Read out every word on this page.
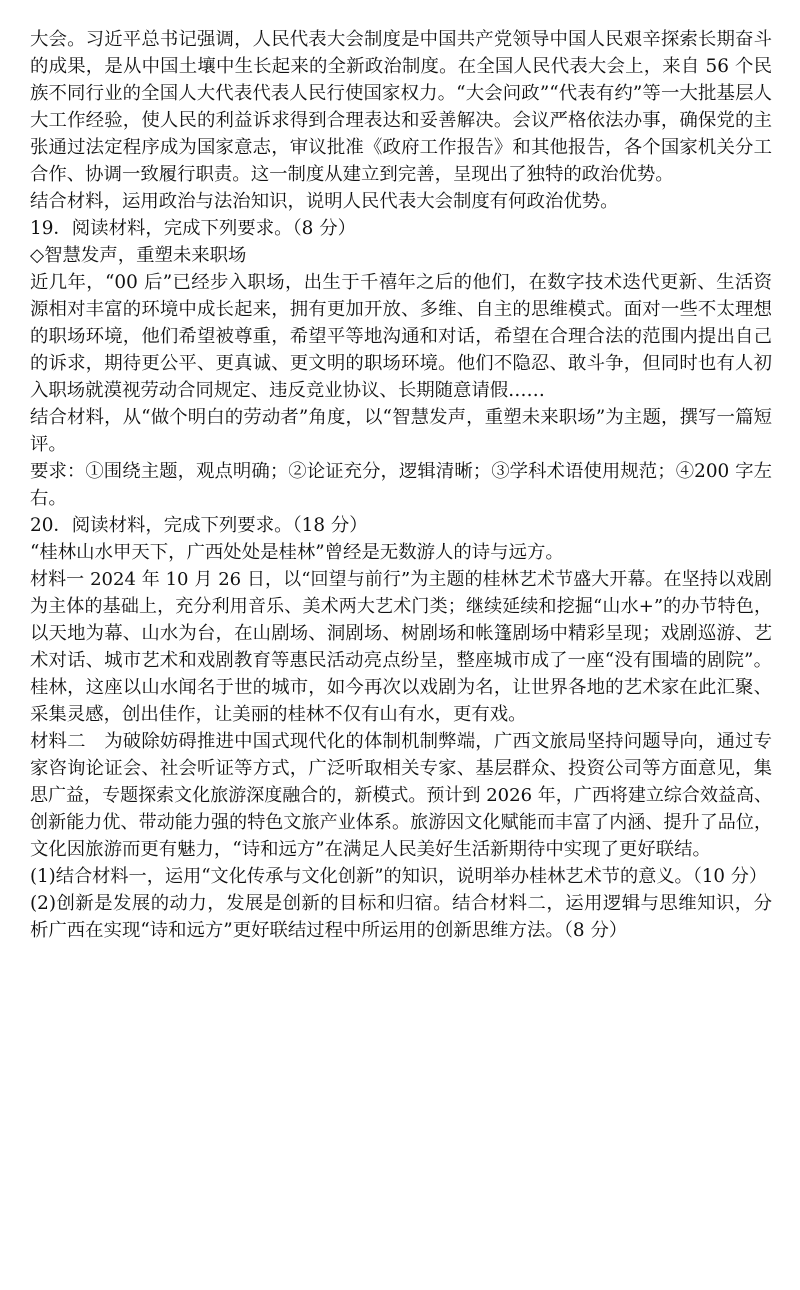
大会。习近平总书记强调，人民代表大会制度是中国共产党领导中国人民艰辛探索长期奋斗
的成果，是从中国土壤中生长起来的全新政治制度。在全国人民代表大会上，来自 56 个民
族不同行业的全国人大代表代表人民行使国家权力。“大会问政”“代表有约”等一大批基层人
大工作经验，使人民的利益诉求得到合理表达和妥善解决。会议严格依法办事，确保党的主
张通过法定程序成为国家意志，审议批准《政府工作报告》和其他报告，各个国家机关分工
合作、协调一致履行职责。这一制度从建立到完善，呈现出了独特的政治优势。
结合材料，运用政治与法治知识，说明人民代表大会制度有何政治优势。
19．阅读材料，完成下列要求。（8 分）
◇智慧发声，重塑未来职场
近几年，“00 后”已经步入职场，出生于千禧年之后的他们，在数字技术迭代更新、生活资
源相对丰富的环境中成长起来，拥有更加开放、多维、自主的思维模式。面对一些不太理想
的职场环境，他们希望被尊重，希望平等地沟通和对话，希望在合理合法的范围内提出自己
的诉求，期待更公平、更真诚、更文明的职场环境。他们不隐忍、敢斗争，但同时也有人初
入职场就漠视劳动合同规定、违反竞业协议、长期随意请假……
结合材料，从“做个明白的劳动者”角度，以“智慧发声，重塑未来职场”为主题，撰写一篇短
评。
要求：①围绕主题，观点明确；②论证充分，逻辑清晰；③学科术语使用规范；④200 字左
右。
20．阅读材料，完成下列要求。（18 分）
“桂林山水甲天下，广西处处是桂林”曾经是无数游人的诗与远方。
材料一 2024 年 10 月 26 日，以“回望与前行”为主题的桂林艺术节盛大开幕。在坚持以戏剧
为主体的基础上，充分利用音乐、美术两大艺术门类；继续延续和挖掘“山水+”的办节特色，
以天地为幕、山水为台，在山剧场、洞剧场、树剧场和帐篷剧场中精彩呈现；戏剧巡游、艺
术对话、城市艺术和戏剧教育等惠民活动亮点纷呈，整座城市成了一座“没有围墙的剧院”。
桂林，这座以山水闻名于世的城市，如今再次以戏剧为名，让世界各地的艺术家在此汇聚、
采集灵感，创出佳作，让美丽的桂林不仅有山有水，更有戏。
材料二　为破除妨碍推进中国式现代化的体制机制弊端，广西文旅局坚持问题导向，通过专
家咨询论证会、社会听证等方式，广泛听取相关专家、基层群众、投资公司等方面意见，集
思广益，专题探索文化旅游深度融合的，新模式。预计到 2026 年，广西将建立综合效益高、
创新能力优、带动能力强的特色文旅产业体系。旅游因文化赋能而丰富了内涵、提升了品位，
文化因旅游而更有魅力，“诗和远方”在满足人民美好生活新期待中实现了更好联结。
(1)结合材料一，运用“文化传承与文化创新”的知识，说明举办桂林艺术节的意义。（10 分）
(2)创新是发展的动力，发展是创新的目标和归宿。结合材料二，运用逻辑与思维知识，分
析广西在实现“诗和远方”更好联结过程中所运用的创新思维方法。（8 分）
